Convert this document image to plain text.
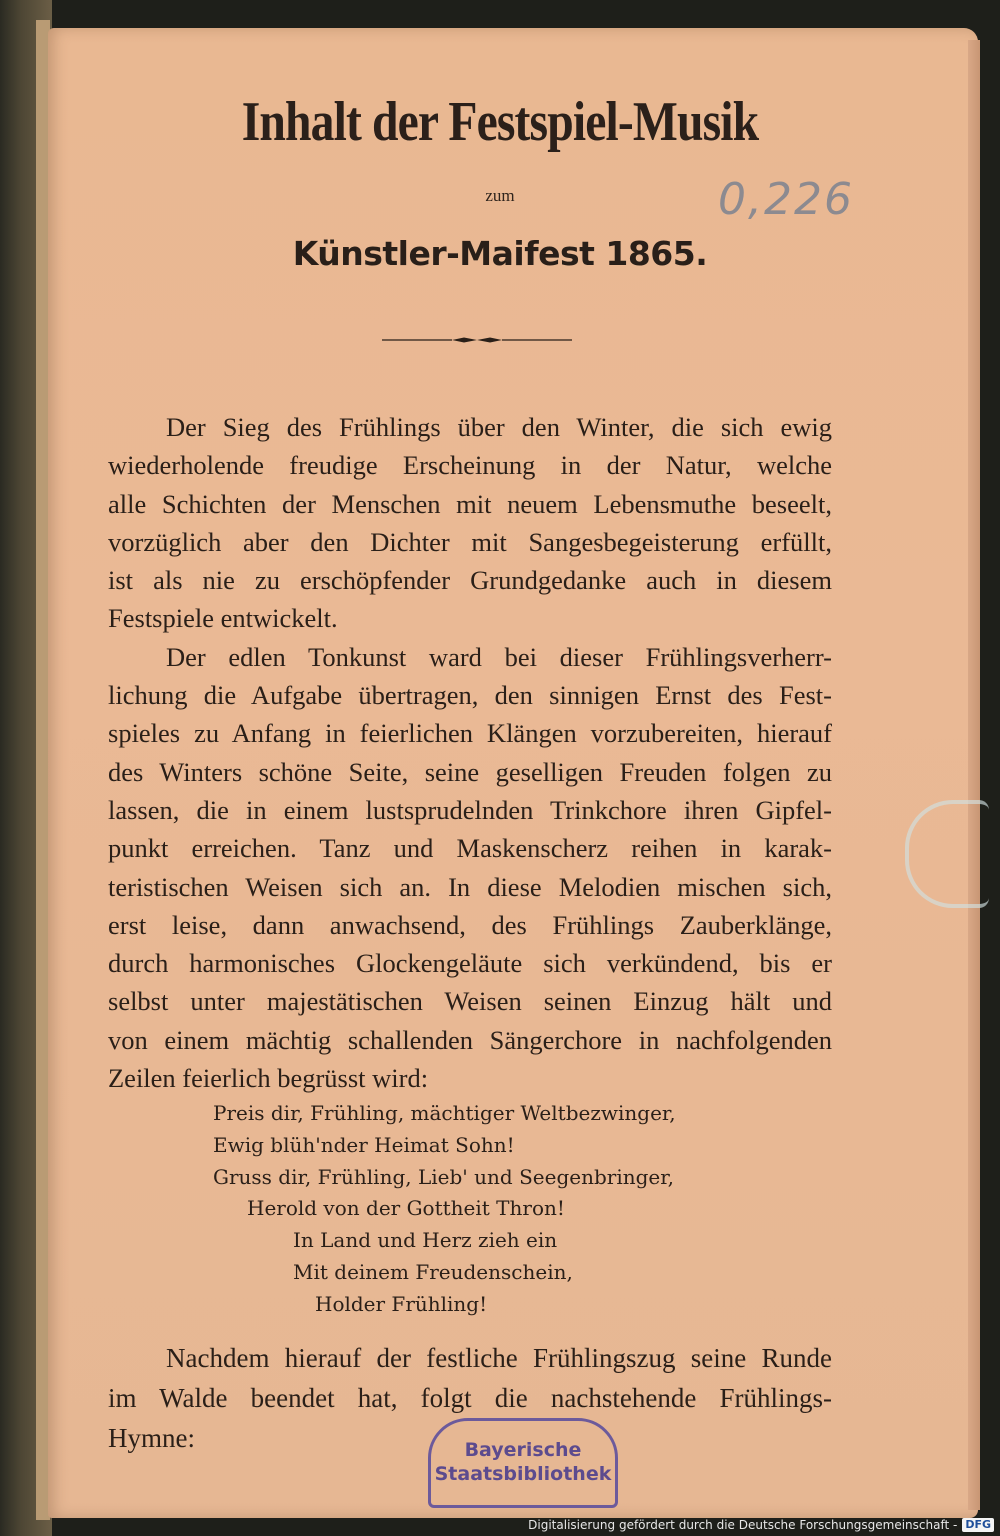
Inhalt der Festspiel-Musik
zum
Künstler-Maifest 1865.
0,226
Der Sieg des Frühlings über den Winter, die sich ewig
wiederholende freudige Erscheinung in der Natur, welche
alle Schichten der Menschen mit neuem Lebensmuthe beseelt,
vorzüglich aber den Dichter mit Sangesbegeisterung erfüllt,
ist als nie zu erschöpfender Grundgedanke auch in diesem
Festspiele entwickelt.
Der edlen Tonkunst ward bei dieser Frühlingsverherr-
lichung die Aufgabe übertragen, den sinnigen Ernst des Fest-
spieles zu Anfang in feierlichen Klängen vorzubereiten, hierauf
des Winters schöne Seite, seine geselligen Freuden folgen zu
lassen, die in einem lustsprudelnden Trinkchore ihren Gipfel-
punkt erreichen. Tanz und Maskenscherz reihen in karak-
teristischen Weisen sich an. In diese Melodien mischen sich,
erst leise, dann anwachsend, des Frühlings Zauberklänge,
durch harmonisches Glockengeläute sich verkündend, bis er
selbst unter majestätischen Weisen seinen Einzug hält und
von einem mächtig schallenden Sängerchore in nachfolgenden
Zeilen feierlich begrüsst wird:
Preis dir, Frühling, mächtiger Weltbezwinger,
Ewig blüh'nder Heimat Sohn!
Gruss dir, Frühling, Lieb' und Seegenbringer,
Herold von der Gottheit Thron!
In Land und Herz zieh ein
Mit deinem Freudenschein,
Holder Frühling!
Nachdem hierauf der festliche Frühlingszug seine Runde
im Walde beendet hat, folgt die nachstehende Frühlings-
Hymne:	Bayerische
Staatsbibliothek
Digitalisierung gefördert durch die Deutsche Forschungsgemeinschaft - DFG
